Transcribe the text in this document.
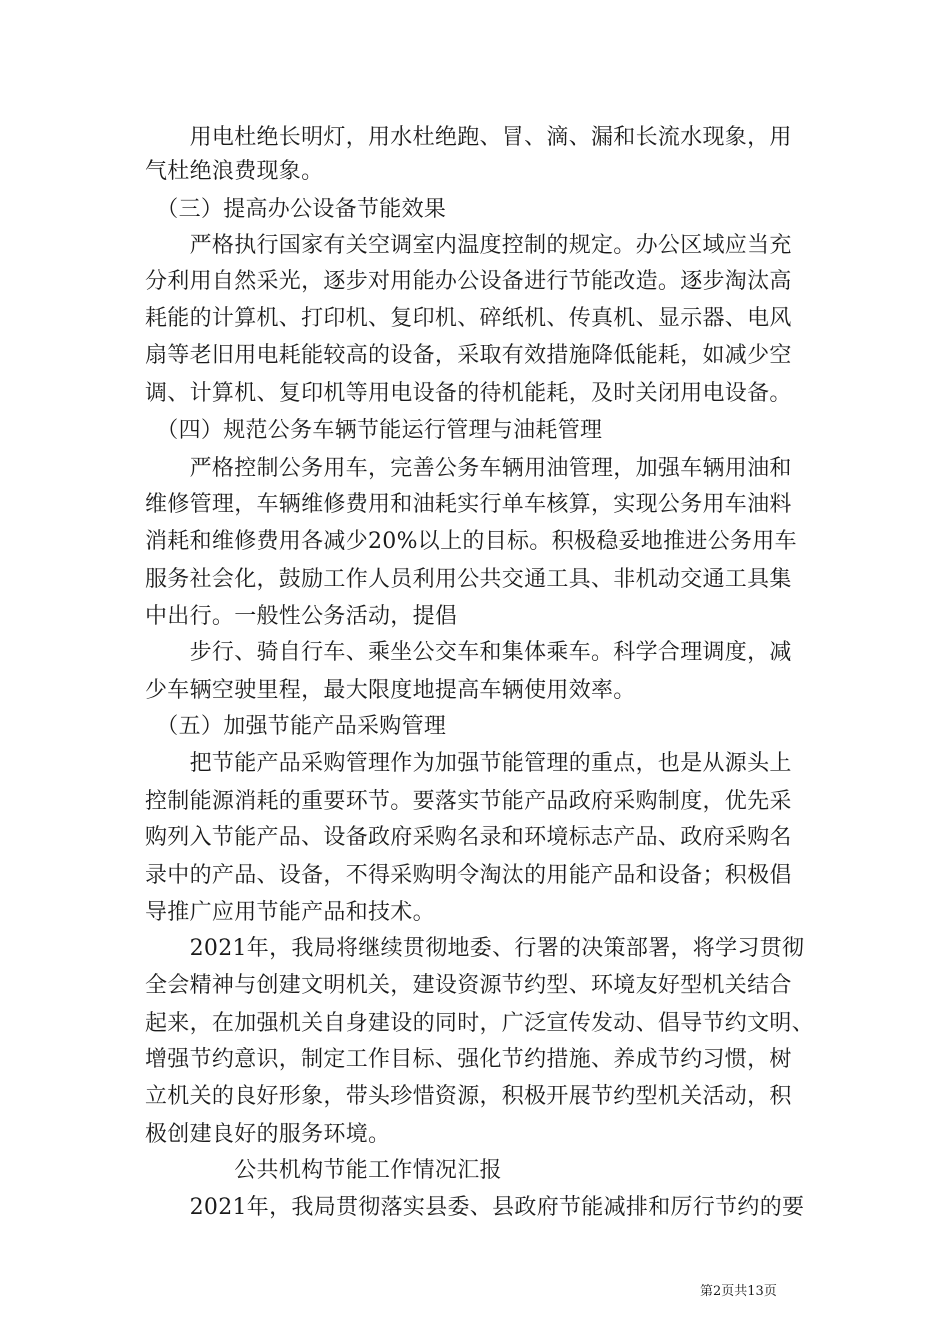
　　用电杜绝长明灯，用水杜绝跑、冒、滴、漏和长流水现象，用
气杜绝浪费现象。
　（三）提高办公设备节能效果
　　严格执行国家有关空调室内温度控制的规定。办公区域应当充
分利用自然采光，逐步对用能办公设备进行节能改造。逐步淘汰高
耗能的计算机、打印机、复印机、碎纸机、传真机、显示器、电风
扇等老旧用电耗能较高的设备，采取有效措施降低能耗，如减少空
调、计算机、复印机等用电设备的待机能耗，及时关闭用电设备。
　（四）规范公务车辆节能运行管理与油耗管理
　　严格控制公务用车，完善公务车辆用油管理，加强车辆用油和
维修管理，车辆维修费用和油耗实行单车核算，实现公务用车油料
消耗和维修费用各减少20%以上的目标。积极稳妥地推进公务用车
服务社会化，鼓励工作人员利用公共交通工具、非机动交通工具集
中出行。一般性公务活动，提倡
　　步行、骑自行车、乘坐公交车和集体乘车。科学合理调度，减
少车辆空驶里程，最大限度地提高车辆使用效率。
　（五）加强节能产品采购管理
　　把节能产品采购管理作为加强节能管理的重点，也是从源头上
控制能源消耗的重要环节。要落实节能产品政府采购制度，优先采
购列入节能产品、设备政府采购名录和环境标志产品、政府采购名
录中的产品、设备，不得采购明令淘汰的用能产品和设备；积极倡
导推广应用节能产品和技术。
　　2021年，我局将继续贯彻地委、行署的决策部署，将学习贯彻
全会精神与创建文明机关，建设资源节约型、环境友好型机关结合
起来，在加强机关自身建设的同时，广泛宣传发动、倡导节约文明、
增强节约意识，制定工作目标、强化节约措施、养成节约习惯，树
立机关的良好形象，带头珍惜资源，积极开展节约型机关活动，积
极创建良好的服务环境。
　　　　公共机构节能工作情况汇报
　　2021年，我局贯彻落实县委、县政府节能减排和厉行节约的要
第2页共13页
